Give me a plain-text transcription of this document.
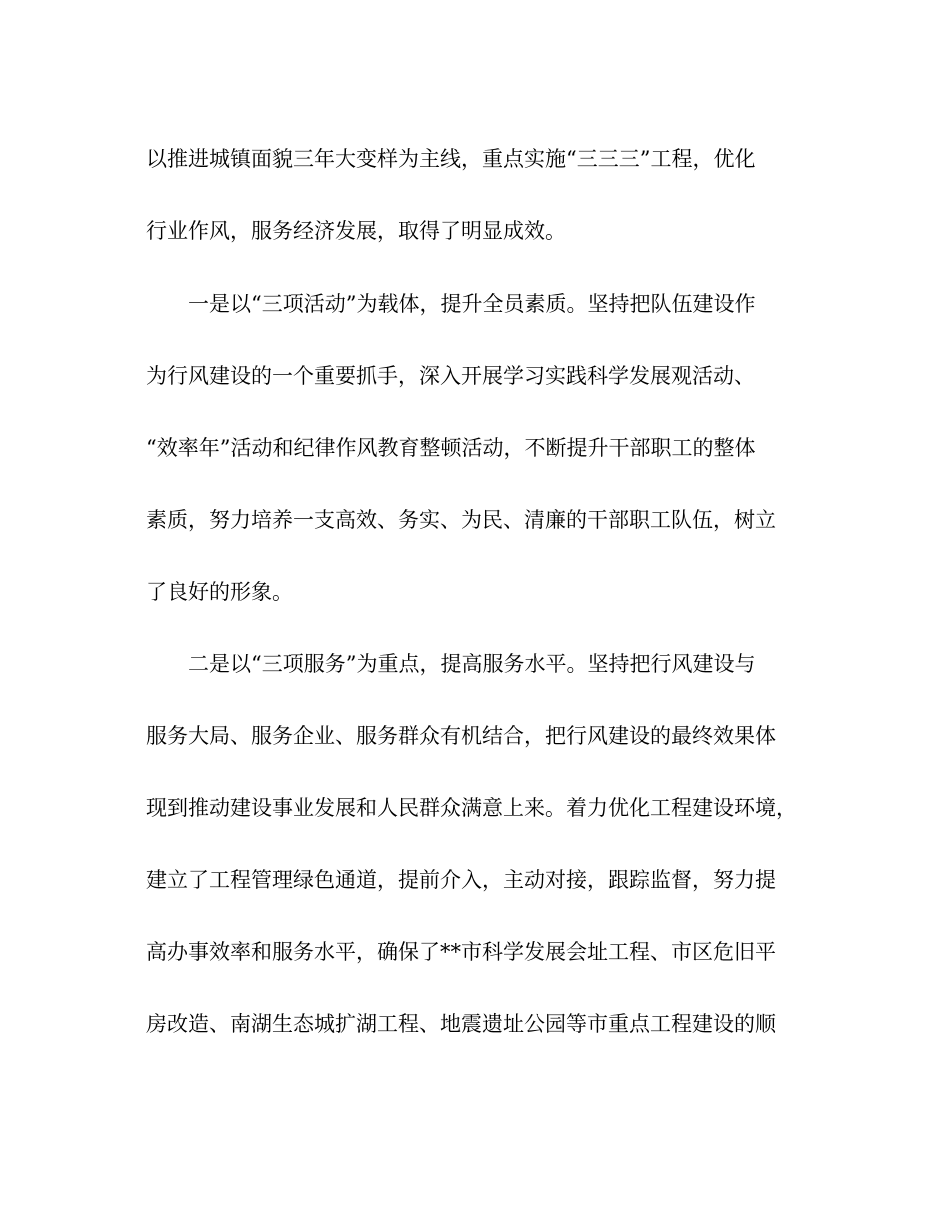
以推进城镇面貌三年大变样为主线，重点实施“三三三”工程，优化
行业作风，服务经济发展，取得了明显成效。
一是以“三项活动”为载体，提升全员素质。坚持把队伍建设作
为行风建设的一个重要抓手，深入开展学习实践科学发展观活动、
“效率年”活动和纪律作风教育整顿活动，不断提升干部职工的整体
素质，努力培养一支高效、务实、为民、清廉的干部职工队伍，树立
了良好的形象。
二是以“三项服务”为重点，提高服务水平。坚持把行风建设与
服务大局、服务企业、服务群众有机结合，把行风建设的最终效果体
现到推动建设事业发展和人民群众满意上来。着力优化工程建设环境，
建立了工程管理绿色通道，提前介入，主动对接，跟踪监督，努力提
高办事效率和服务水平，确保了**市科学发展会址工程、市区危旧平
房改造、南湖生态城扩湖工程、地震遗址公园等市重点工程建设的顺
